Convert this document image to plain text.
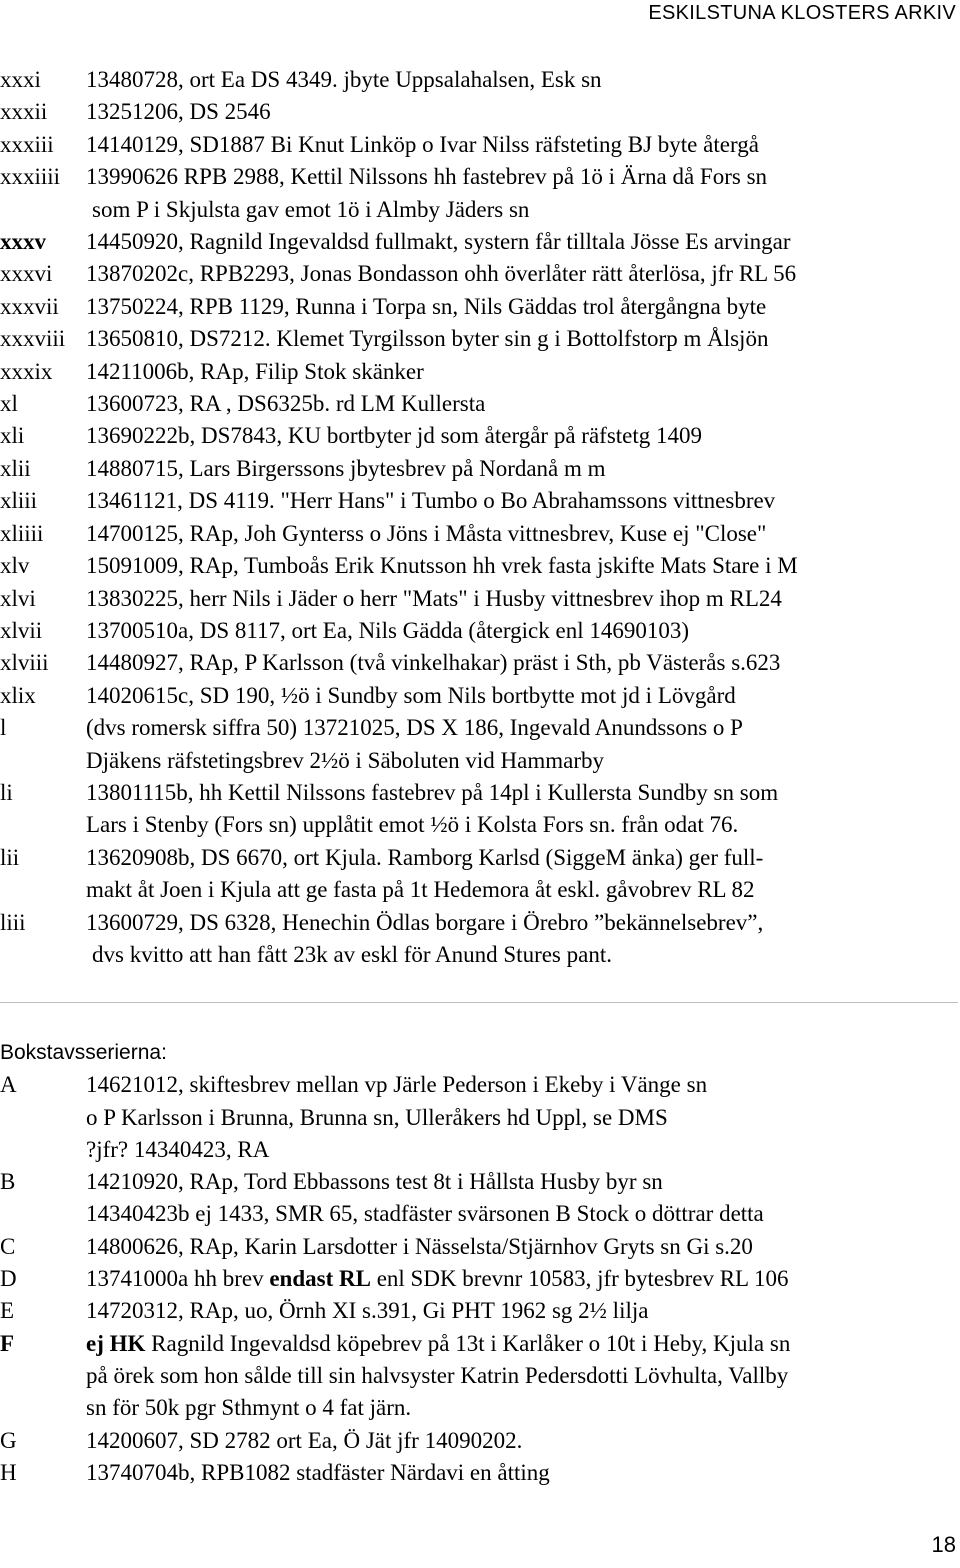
ESKILSTUNA KLOSTERS ARKIV
xxxi	13480728, ort Ea DS 4349. jbyte Uppsalahalsen, Esk sn
xxxii	13251206, DS 2546
xxxiii	14140129, SD1887 Bi Knut Linköp o Ivar Nilss räfsteting BJ byte återgå
xxxiiii	13990626 RPB 2988, Kettil Nilssons hh fastebrev på 1ö i Ärna då Fors sn
som P i Skjulsta gav emot 1ö i Almby Jäders sn
xxxv	14450920, Ragnild Ingevaldsd fullmakt, systern får tilltala Jösse Es arvingar
xxxvi	13870202c, RPB2293, Jonas Bondasson ohh överlåter rätt återlösa, jfr RL 56
xxxvii	13750224, RPB 1129, Runna i Torpa sn, Nils Gäddas trol återgångna byte
xxxviii 13650810, DS7212. Klemet Tyrgilsson byter sin g i Bottolfstorp m Ålsjön
xxxix	14211006b, RAp, Filip Stok skänker
xl	13600723, RA , DS6325b. rd LM Kullersta
xli	13690222b, DS7843, KU bortbyter jd som återgår på räfstetg 1409
xlii	14880715, Lars Birgerssons jbytesbrev på Nordanå m m
xliii	13461121, DS 4119. "Herr Hans" i Tumbo o Bo Abrahamssons vittnesbrev
xliiii	14700125, RAp, Joh Gynterss o Jöns i Måsta vittnesbrev, Kuse ej "Close"
xlv	15091009, RAp, Tumboås Erik Knutsson hh vrek fasta jskifte Mats Stare i M
xlvi	13830225, herr Nils i Jäder o herr "Mats" i Husby vittnesbrev ihop m RL24
xlvii	13700510a, DS 8117, ort Ea, Nils Gädda (återgick enl 14690103)
xlviii	14480927, RAp, P Karlsson (två vinkelhakar) präst i Sth, pb Västerås s.623
xlix	14020615c, SD 190, ½ö i Sundby som Nils bortbytte mot jd i Lövgård
l	(dvs romersk siffra 50) 13721025, DS X 186, Ingevald Anundssons o P
Djäkens räfstetingsbrev 2½ö i Säboluten vid Hammarby
li	13801115b, hh Kettil Nilssons fastebrev på 14pl i Kullersta Sundby sn som
Lars i Stenby (Fors sn) upplåtit emot ½ö i Kolsta Fors sn. från odat 76.
lii	13620908b, DS 6670, ort Kjula. Ramborg Karlsd (SiggeM änka) ger full-
makt åt Joen i Kjula att ge fasta på 1t Hedemora åt eskl. gåvobrev RL 82
liii	13600729, DS 6328, Henechin Ödlas borgare i Örebro ”bekännelsebrev”,
dvs kvitto att han fått 23k av eskl för Anund Stures pant.
Bokstavsserierna:
A	14621012, skiftesbrev mellan vp Järle Pederson i Ekeby i Vänge sn
o P Karlsson i Brunna, Brunna sn, Ulleråkers hd Uppl, se DMS
?jfr? 14340423, RA
B	14210920, RAp, Tord Ebbassons test 8t i Hållsta Husby byr sn
14340423b ej 1433, SMR 65, stadfäster svärsonen B Stock o döttrar detta
C	14800626, RAp, Karin Larsdotter i Nässelsta/Stjärnhov Gryts sn Gi s.20
D	13741000a hh brev endast RL enl SDK brevnr 10583, jfr bytesbrev RL 106
E	14720312, RAp, uo, Örnh XI s.391, Gi PHT 1962 sg 2½ lilja
F	ej HK Ragnild Ingevaldsd köpebrev på 13t i Karlåker o 10t i Heby, Kjula sn
på örek som hon sålde till sin halvsyster Katrin Pedersdotti Lövhulta, Vallby
sn för 50k pgr Sthmynt o 4 fat järn.
G	14200607, SD 2782 ort Ea, Ö Jät jfr 14090202.
H	13740704b, RPB1082 stadfäster Närdavi en åtting
18
